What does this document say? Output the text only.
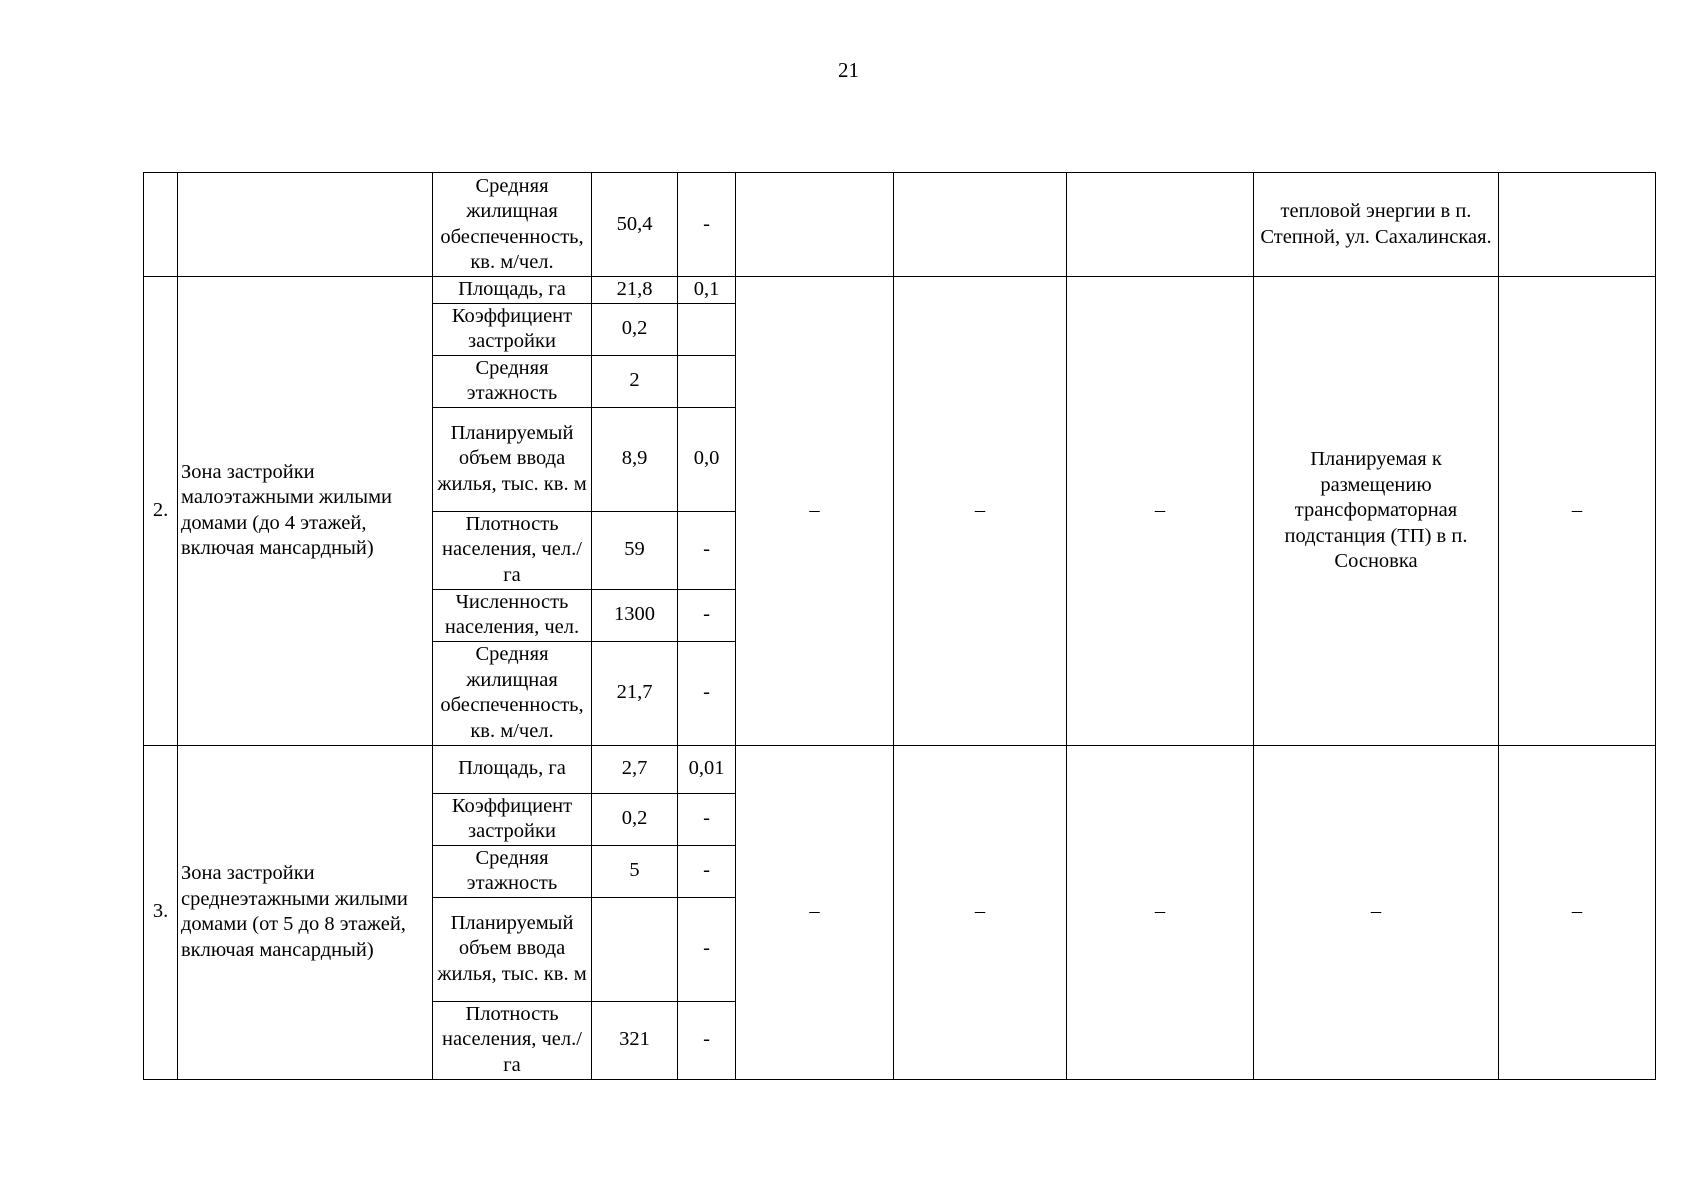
21
		Средняя жилищная обеспеченность, кв. м/чел.	50,4	-				тепловой энергии в п. Степной, ул. Сахалинская.	
2.	Зона застройки малоэтажными жилыми домами (до 4 этажей, включая мансардный)	Площадь, га	21,8	0,1	–	–	–	Планируемая к размещению трансформаторная подстанция (ТП) в п. Сосновка	–
		Коэффициент застройки	0,2						
		Средняя этажность	2						
		Планируемый объем ввода жилья, тыс. кв. м	8,9	0,0					
		Плотность населения, чел./га	59	-					
		Численность населения, чел.	1300	-					
		Средняя жилищная обеспеченность, кв. м/чел.	21,7	-					
3.	Зона застройки среднеэтажными жилыми домами (от 5 до 8 этажей, включая мансардный)	Площадь, га	2,7	0,01	–	–	–	–	–
		Коэффициент застройки	0,2	-					
		Средняя этажность	5	-					
		Планируемый объем ввода жилья, тыс. кв. м		-					
		Плотность населения, чел./га	321	-					
